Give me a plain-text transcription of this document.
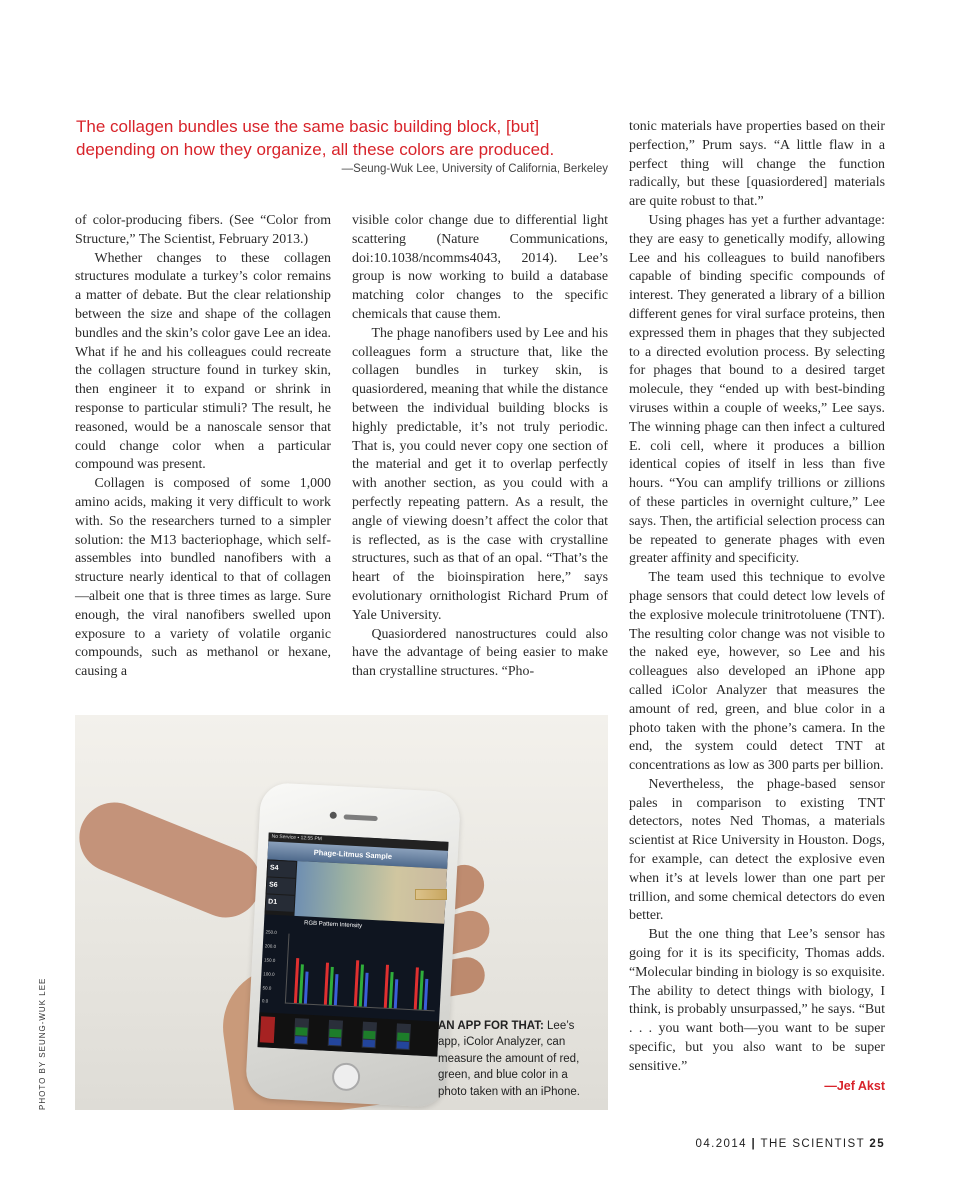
The collagen bundles use the same basic building block, [but] depending on how they organize, all these colors are produced.

—Seung-Wuk Lee, University of California, Berkeley

of color-producing fibers. (See “Color from Structure,” The Scientist, February 2013.)

Whether changes to these collagen structures modulate a turkey’s color remains a matter of debate. But the clear relationship between the size and shape of the collagen bundles and the skin’s color gave Lee an idea. What if he and his colleagues could recreate the collagen structure found in turkey skin, then engineer it to expand or shrink in response to particular stimuli? The result, he reasoned, would be a nanoscale sensor that could change color when a particular compound was present.

Collagen is composed of some 1,000 amino acids, making it very difficult to work with. So the researchers turned to a simpler solution: the M13 bacteriophage, which self-assembles into bundled nanofibers with a structure nearly identical to that of collagen—albeit one that is three times as large. Sure enough, the viral nanofibers swelled upon exposure to a variety of volatile organic compounds, such as methanol or hexane, causing a

visible color change due to differential light scattering (Nature Communications, doi:10.1038/ncomms4043, 2014). Lee’s group is now working to build a database matching color changes to the specific chemicals that cause them.

The phage nanofibers used by Lee and his colleagues form a structure that, like the collagen bundles in turkey skin, is quasiordered, meaning that while the distance between the individual building blocks is highly predictable, it’s not truly periodic. That is, you could never copy one section of the material and get it to overlap perfectly with another section, as you could with a perfectly repeating pattern. As a result, the angle of viewing doesn’t affect the color that is reflected, as is the case with crystalline structures, such as that of an opal. “That’s the heart of the bioinspiration here,” says evolutionary ornithologist Richard Prum of Yale University.

Quasiordered nanostructures could also have the advantage of being easier to make than crystalline structures. “Pho-

tonic materials have properties based on their perfection,” Prum says. “A little flaw in a perfect thing will change the function radically, but these [quasiordered] materials are quite robust to that.”

Using phages has yet a further advantage: they are easy to genetically modify, allowing Lee and his colleagues to build nanofibers capable of binding specific compounds of interest. They generated a library of a billion different genes for viral surface proteins, then expressed them in phages that they subjected to a directed evolution process. By selecting for phages that bound to a desired target molecule, they “ended up with best-binding viruses within a couple of weeks,” Lee says. The winning phage can then infect a cultured E. coli cell, where it produces a billion identical copies of itself in less than five hours. “You can amplify trillions or zillions of these particles in overnight culture,” Lee says. Then, the artificial selection process can be repeated to generate phages with even greater affinity and specificity.

The team used this technique to evolve phage sensors that could detect low levels of the explosive molecule trinitrotoluene (TNT). The resulting color change was not visible to the naked eye, however, so Lee and his colleagues also developed an iPhone app called iColor Analyzer that measures the amount of red, green, and blue color in a photo taken with the phone’s camera. In the end, the system could detect TNT at concentrations as low as 300 parts per billion.

Nevertheless, the phage-based sensor pales in comparison to existing TNT detectors, notes Ned Thomas, a materials scientist at Rice University in Houston. Dogs, for example, can detect the explosive even when it’s at levels lower than one part per trillion, and some chemical detectors do even better.

But the one thing that Lee’s sensor has going for it is its specificity, Thomas adds. “Molecular binding in biology is so exquisite. The ability to detect things with biology, I think, is probably unsurpassed,” he says. “But . . . you want both—you want to be super specific, but you also want to be super sensitive.”

—Jef Akst

PHOTO BY SEUNG-WUK LEE
No Service • 12:55 PM
Phage-Litmus Sample
S4
S6
D1
RGB Pattern Intensity
250.0
200.0
150.0
100.0
50.0
0.0
AN APP FOR THAT: Lee’s app, iColor Analyzer, can measure the amount of red, green, and blue color in a photo taken with an iPhone.
04.2014 | THE SCIENTIST 25
